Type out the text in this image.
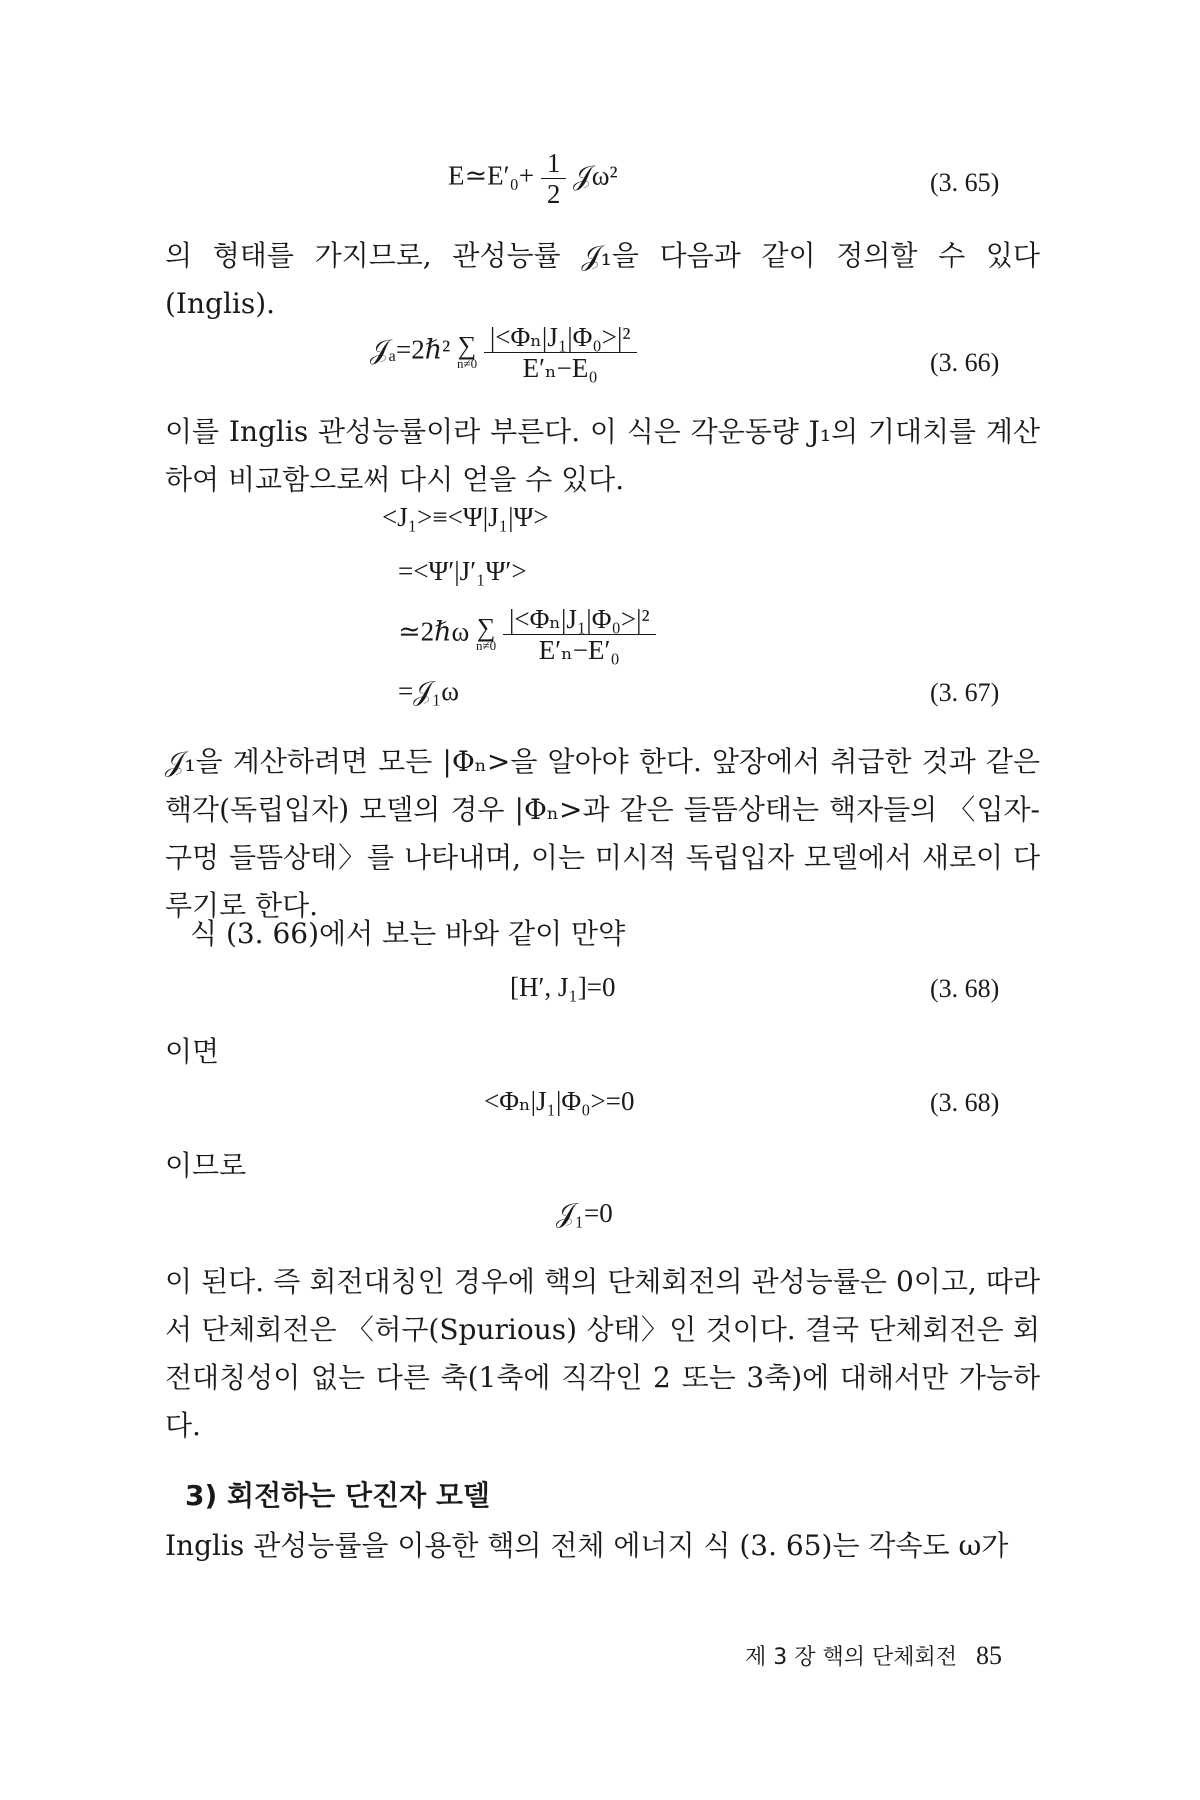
E≃E′₀+ $\frac{1}{2}$ 𝒥ω²	(3. 65)

의 형태를 가지므로, 관성능률 𝒥₁을 다음과 같이 정의할 수 있다 (Inglis).

𝒥ₐ=2ℏ² ∑
n≠0
$\frac{\text{|<Φₙ|J₁|Φ₀>|²}}{\text{E′ₙ−E₀}}$	(3. 66)

이를 Inglis 관성능률이라 부른다. 이 식은 각운동량 J₁의 기대치를 계산하여 비교함으로써 다시 얻을 수 있다.

<J₁>≡<Ψ|J₁|Ψ>
=<Ψ′|J′₁Ψ′>
≃2ℏω ∑
n≠0
$\frac{\text{|<Φₙ|J₁|Φ₀>|²}}{\text{E′ₙ−E′₀}}$
=𝒥₁ω	(3. 67)

𝒥₁을 계산하려면 모든 |Φₙ>을 알아야 한다. 앞장에서 취급한 것과 같은 핵각(독립입자) 모델의 경우 |Φₙ>과 같은 들뜸상태는 핵자들의 〈입자-구멍 들뜸상태〉를 나타내며, 이는 미시적 독립입자 모델에서 새로이 다루기로 한다.

식 (3. 66)에서 보는 바와 같이 만약
[H′, J₁]=0	(3. 68)
이면
<Φₙ|J₁|Φ₀>=0	(3. 68)
이므로
𝒥₁=0

이 된다. 즉 회전대칭인 경우에 핵의 단체회전의 관성능률은 0이고, 따라서 단체회전은 〈허구(Spurious) 상태〉인 것이다. 결국 단체회전은 회전대칭성이 없는 다른 축(1축에 직각인 2 또는 3축)에 대해서만 가능하다.

3) 회전하는 단진자 모델

Inglis 관성능률을 이용한 핵의 전체 에너지 식 (3. 65)는 각속도 ω가

제 3 장 핵의 단체회전 85
